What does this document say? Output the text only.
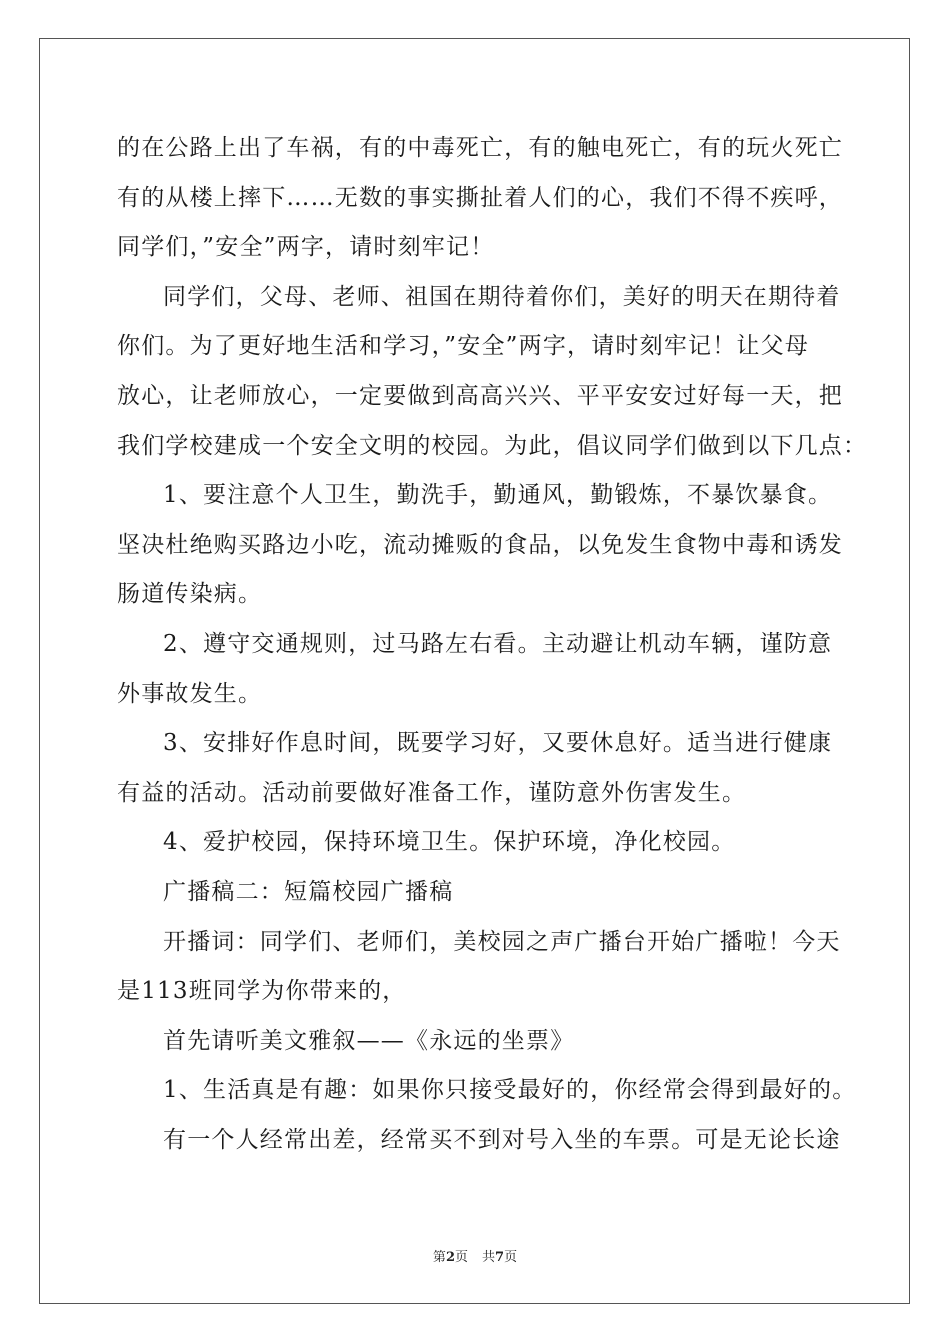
的在公路上出了车祸，有的中毒死亡，有的触电死亡，有的玩火死亡
有的从楼上摔下……无数的事实撕扯着人们的心，我们不得不疾呼，
同学们，”安全”两字，请时刻牢记！
同学们，父母、老师、祖国在期待着你们，美好的明天在期待着
你们。为了更好地生活和学习，”安全”两字，请时刻牢记！让父母
放心，让老师放心，一定要做到高高兴兴、平平安安过好每一天，把
我们学校建成一个安全文明的校园。为此，倡议同学们做到以下几点：
1、要注意个人卫生，勤洗手，勤通风，勤锻炼，不暴饮暴食。
坚决杜绝购买路边小吃，流动摊贩的食品，以免发生食物中毒和诱发
肠道传染病。
2、遵守交通规则，过马路左右看。主动避让机动车辆，谨防意
外事故发生。
3、安排好作息时间，既要学习好，又要休息好。适当进行健康
有益的活动。活动前要做好准备工作，谨防意外伤害发生。
4、爱护校园，保持环境卫生。保护环境，净化校园。
广播稿二：短篇校园广播稿
开播词：同学们、老师们，美校园之声广播台开始广播啦！今天
是113班同学为你带来的，
首先请听美文雅叙——《永远的坐票》
1、生活真是有趣：如果你只接受最好的，你经常会得到最好的。
有一个人经常出差，经常买不到对号入坐的车票。可是无论长途
第2页 共7页
